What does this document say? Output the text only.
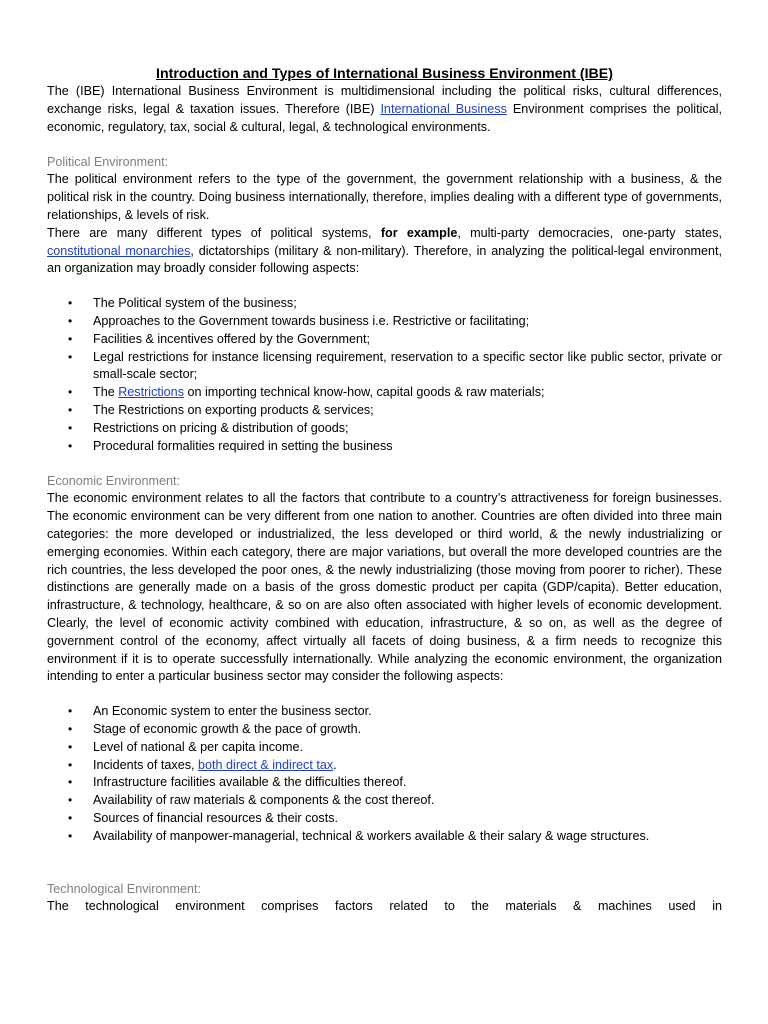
Introduction and Types of International Business Environment (IBE)

The (IBE) International Business Environment is multidimensional including the political risks, cultural differences, exchange risks, legal & taxation issues. Therefore (IBE) International Business Environment comprises the political, economic, regulatory, tax, social & cultural, legal, & technological environments.

Political Environment:

The political environment refers to the type of the government, the government relationship with a business, & the political risk in the country. Doing business internationally, therefore, implies dealing with a different type of governments, relationships, & levels of risk.

There are many different types of political systems, for example, multi-party democracies, one-party states, constitutional monarchies, dictatorships (military & non-military). Therefore, in analyzing the political-legal environment, an organization may broadly consider following aspects:

• The Political system of the business;
• Approaches to the Government towards business i.e. Restrictive or facilitating;
• Facilities & incentives offered by the Government;
• Legal restrictions for instance licensing requirement, reservation to a specific sector like public sector, private or small-scale sector;
• The Restrictions on importing technical know-how, capital goods & raw materials;
• The Restrictions on exporting products & services;
• Restrictions on pricing & distribution of goods;
• Procedural formalities required in setting the business

Economic Environment:

The economic environment relates to all the factors that contribute to a country’s attractiveness for foreign businesses. The economic environment can be very different from one nation to another. Countries are often divided into three main categories: the more developed or industrialized, the less developed or third world, & the newly industrializing or emerging economies. Within each category, there are major variations, but overall the more developed countries are the rich countries, the less developed the poor ones, & the newly industrializing (those moving from poorer to richer). These distinctions are generally made on a basis of the gross domestic product per capita (GDP/capita). Better education, infrastructure, & technology, healthcare, & so on are also often associated with higher levels of economic development. Clearly, the level of economic activity combined with education, infrastructure, & so on, as well as the degree of government control of the economy, affect virtually all facets of doing business, & a firm needs to recognize this environment if it is to operate successfully internationally. While analyzing the economic environment, the organization intending to enter a particular business sector may consider the following aspects:

• An Economic system to enter the business sector.
• Stage of economic growth & the pace of growth.
• Level of national & per capita income.
• Incidents of taxes, both direct & indirect tax.
• Infrastructure facilities available & the difficulties thereof.
• Availability of raw materials & components & the cost thereof.
• Sources of financial resources & their costs.
• Availability of manpower-managerial, technical & workers available & their salary & wage structures.

Technological Environment:

The technological environment comprises factors related to the materials & machines used in
